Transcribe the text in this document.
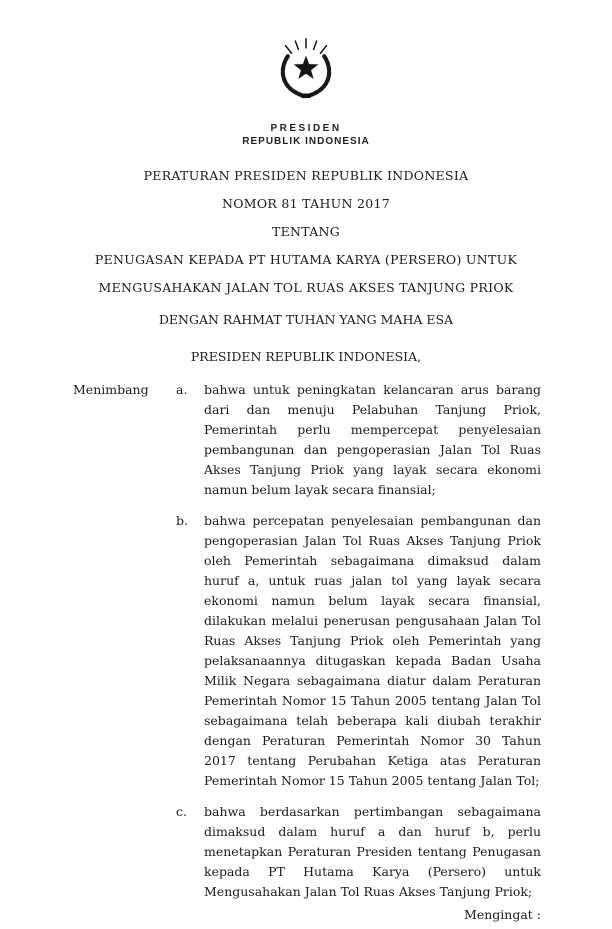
PRESIDEN
REPUBLIK INDONESIA
PERATURAN PRESIDEN REPUBLIK INDONESIA
NOMOR 81 TAHUN 2017
TENTANG
PENUGASAN KEPADA PT HUTAMA KARYA (PERSERO) UNTUK
MENGUSAHAKAN JALAN TOL RUAS AKSES TANJUNG PRIOK
DENGAN RAHMAT TUHAN YANG MAHA ESA
PRESIDEN REPUBLIK INDONESIA,
Menimbang	a.	bahwa untuk peningkatan kelancaran arus barang dari dan menuju Pelabuhan Tanjung Priok, Pemerintah perlu mempercepat penyelesaian pembangunan dan pengoperasian Jalan Tol Ruas Akses Tanjung Priok yang layak secara ekonomi namun belum layak secara finansial;

b.	bahwa percepatan penyelesaian pembangunan dan pengoperasian Jalan Tol Ruas Akses Tanjung Priok oleh Pemerintah sebagaimana dimaksud dalam huruf a, untuk ruas jalan tol yang layak secara ekonomi namun belum layak secara finansial, dilakukan melalui penerusan pengusahaan Jalan Tol Ruas Akses Tanjung Priok oleh Pemerintah yang pelaksanaannya ditugaskan kepada Badan Usaha Milik Negara sebagaimana diatur dalam Peraturan Pemerintah Nomor 15 Tahun 2005 tentang Jalan Tol sebagaimana telah beberapa kali diubah terakhir dengan Peraturan Pemerintah Nomor 30 Tahun 2017 tentang Perubahan Ketiga atas Peraturan Pemerintah Nomor 15 Tahun 2005 tentang Jalan Tol;

c.	bahwa berdasarkan pertimbangan sebagaimana dimaksud dalam huruf a dan huruf b, perlu menetapkan Peraturan Presiden tentang Penugasan kepada PT Hutama Karya (Persero) untuk Mengusahakan Jalan Tol Ruas Akses Tanjung Priok;

Mengingat :
